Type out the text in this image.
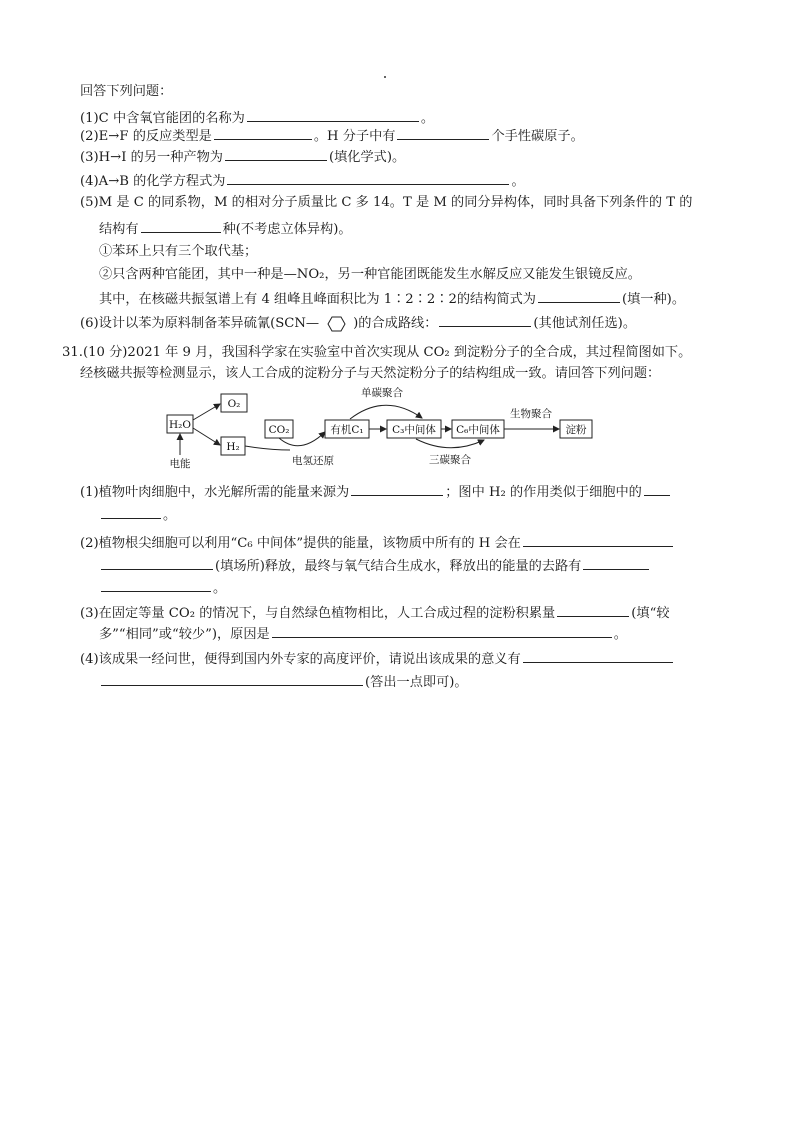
回答下列问题：
(1)C 中含氧官能团的名称为	。
(2)E→F 的反应类型是	。H 分子中有	个手性碳原子。
(3)H→I 的另一种产物为	(填化学式)。
(4)A→B 的化学方程式为	。
(5)M 是 C 的同系物，M 的相对分子质量比 C 多 14。T 是 M 的同分异构体，同时具备下列条件的 T 的
结构有	种(不考虑立体异构)。
①苯环上只有三个取代基；
②只含两种官能团，其中一种是—NO₂，另一种官能团既能发生水解反应又能发生银镜反应。
其中，在核磁共振氢谱上有 4 组峰且峰面积比为 1∶2∶2∶2的结构简式为	(填一种)。
(6)设计以苯为原料制备苯异硫氰(SCN—	)的合成路线：	(其他试剂任选)。
31.(10 分)2021 年 9 月，我国科学家在实验室中首次实现从 CO₂ 到淀粉分子的全合成，其过程简图如下。
经核磁共振等检测显示，该人工合成的淀粉分子与天然淀粉分子的结构组成一致。请回答下列问题：
H₂O
O₂
H₂
CO₂	有机C₁	C₃中间体 C₆中间体	淀粉
单碳聚合
生物聚合
电能	电氢还原	三碳聚合
(1)植物叶肉细胞中，水光解所需的能量来源为	；图中 H₂ 的作用类似于细胞中的
。
(2)植物根尖细胞可以利用“C₆ 中间体”提供的能量，该物质中所有的 H 会在
(填场所)释放，最终与氧气结合生成水，释放出的能量的去路有
。
(3)在固定等量 CO₂ 的情况下，与自然绿色植物相比，人工合成过程的淀粉积累量	(填“较
多”“相同”或“较少”)，原因是	。
(4)该成果一经问世，便得到国内外专家的高度评价，请说出该成果的意义有
(答出一点即可)。
